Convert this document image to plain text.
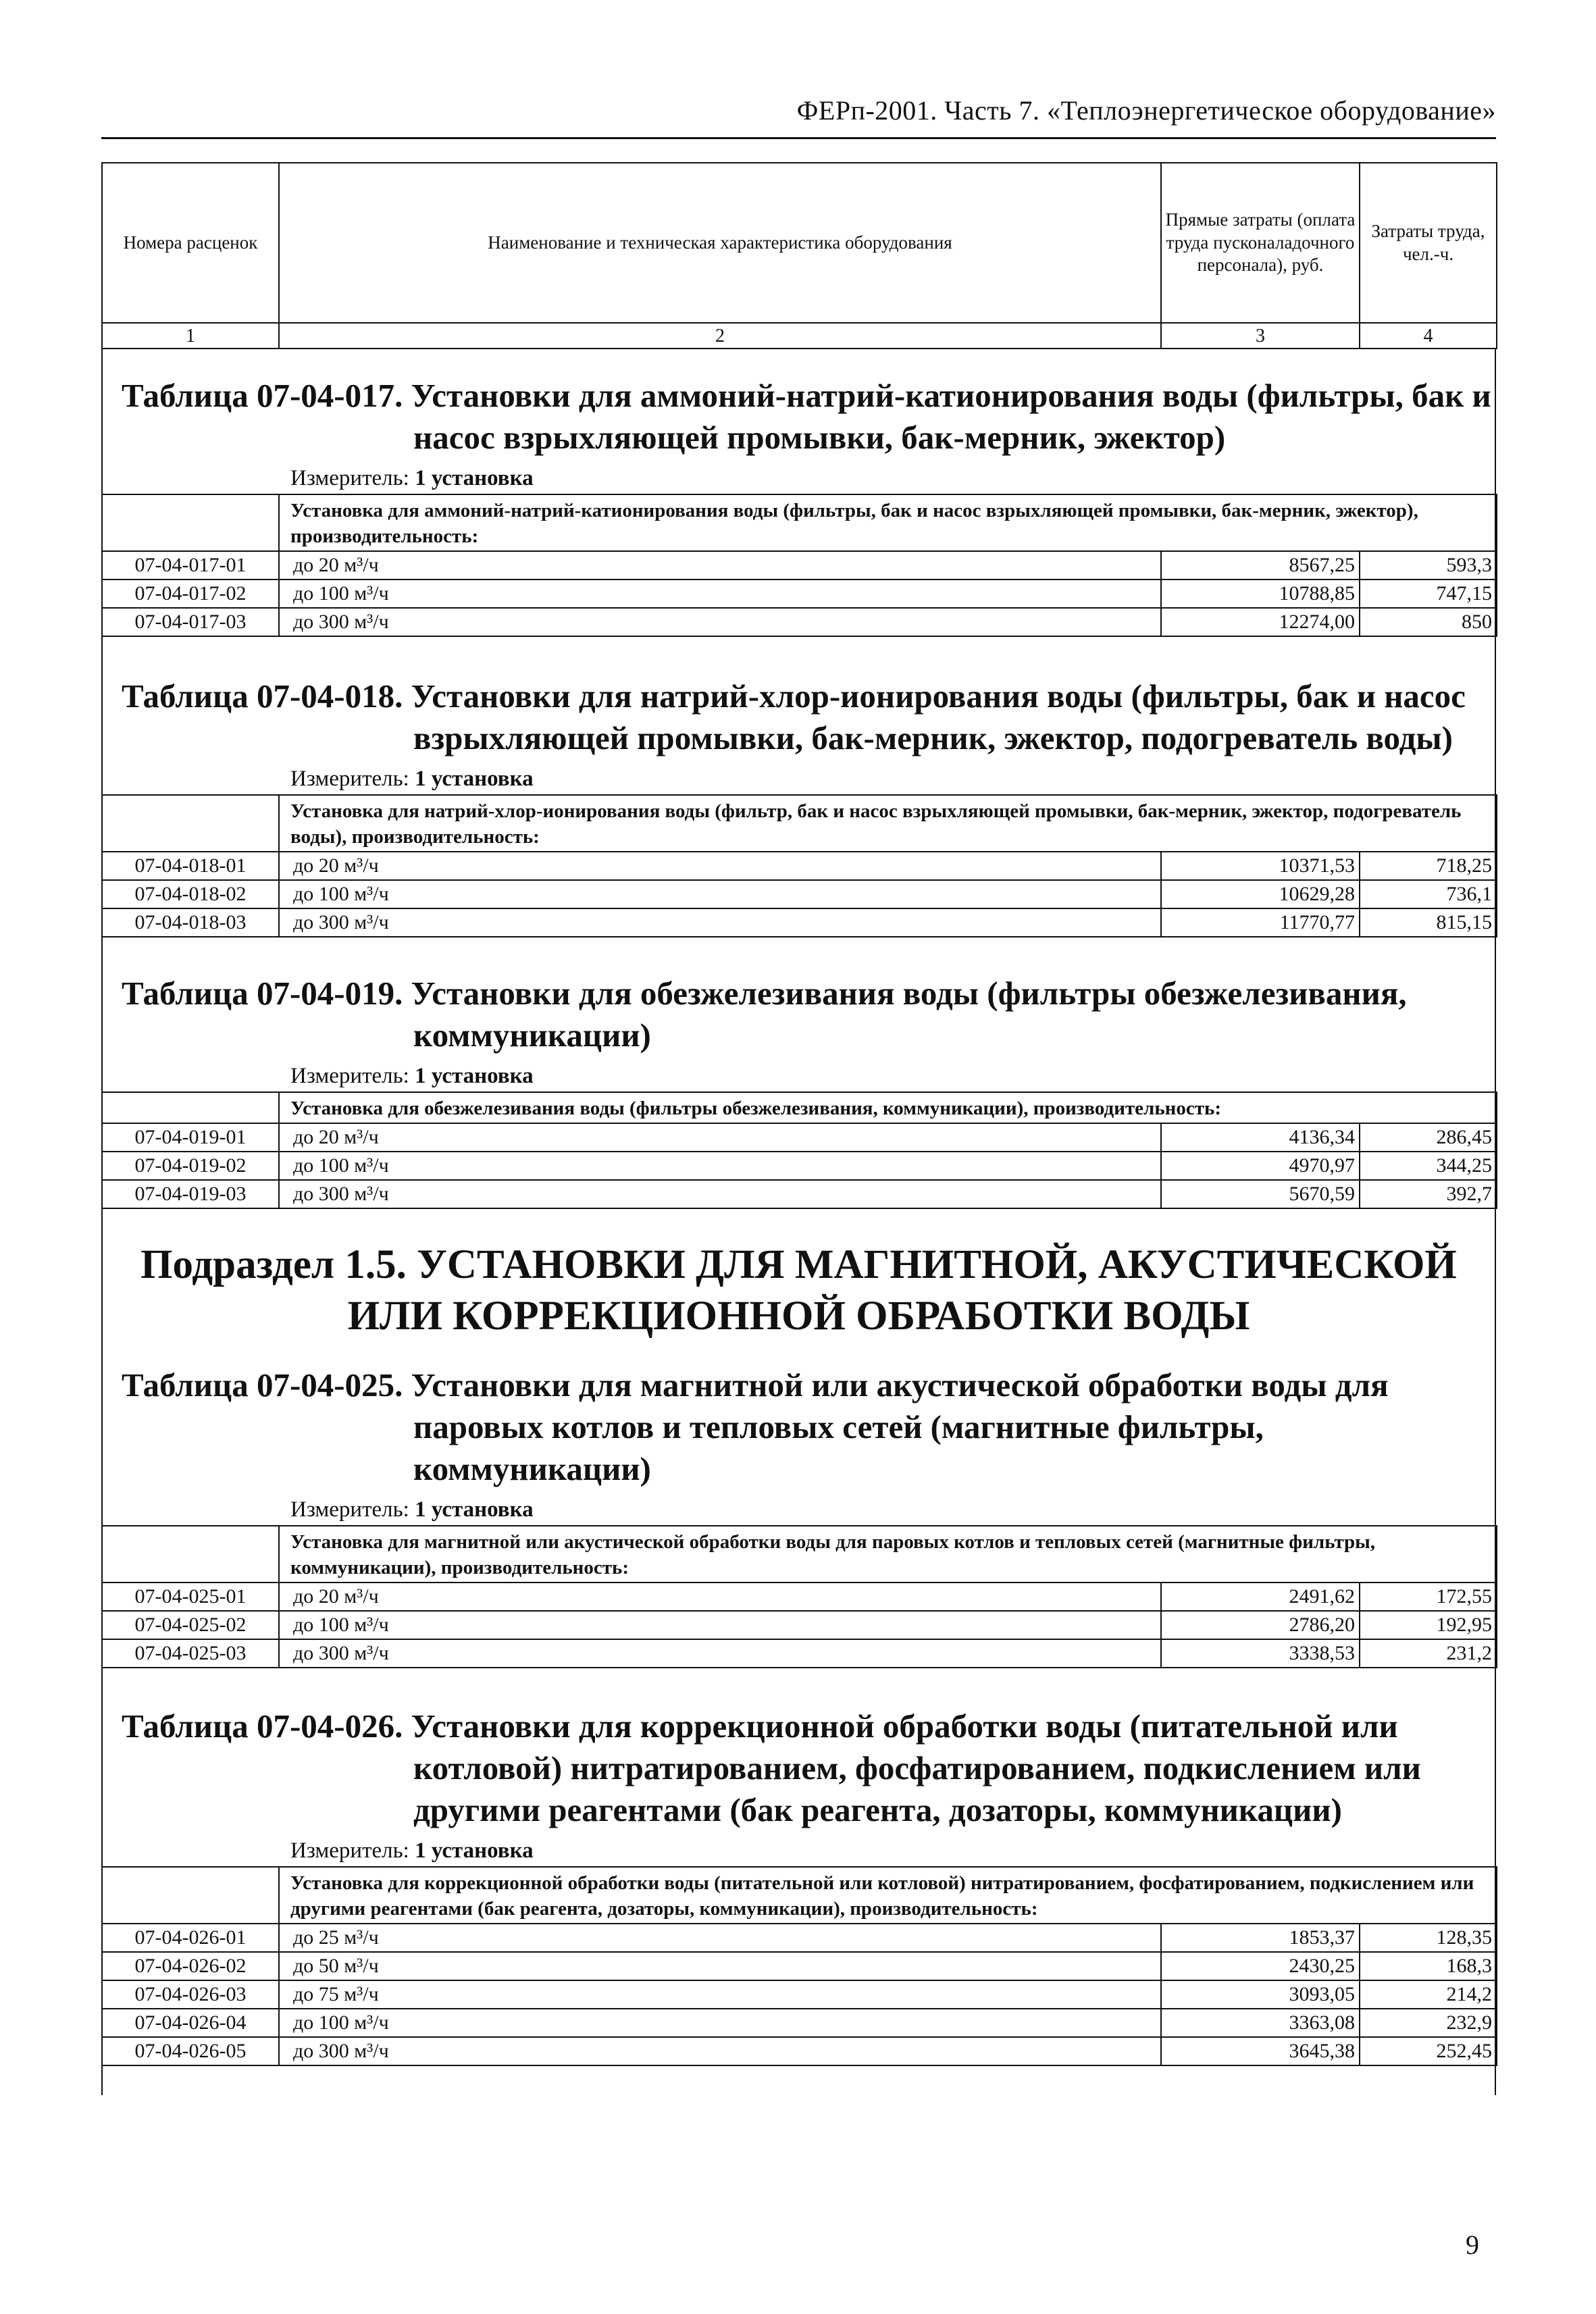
ФЕРп-2001. Часть 7. «Теплоэнергетическое оборудование»
Номера расценок	Наименование и техническая характеристика оборудования	Прямые затраты (оплата труда пусконаладочного персонала), руб.	Затраты труда, чел.-ч.
1	2	3	4
Таблица 07-04-017. Установки для аммоний-натрий-катионирования воды (фильтры, бак и насос взрыхляющей промывки, бак-мерник, эжектор)
Измеритель: 1 установка
	Установка для аммоний-натрий-катионирования воды (фильтры, бак и насос взрыхляющей промывки, бак-мерник, эжектор), производительность:		
07-04-017-01	до 20 м³/ч	8567,25	593,3
07-04-017-02	до 100 м³/ч	10788,85	747,15
07-04-017-03	до 300 м³/ч	12274,00	850
Таблица 07-04-018. Установки для натрий-хлор-ионирования воды (фильтры, бак и насос взрыхляющей промывки, бак-мерник, эжектор, подогреватель воды)
Измеритель: 1 установка
	Установка для натрий-хлор-ионирования воды (фильтр, бак и насос взрыхляющей промывки, бак-мерник, эжектор, подогреватель воды), производительность:		
07-04-018-01	до 20 м³/ч	10371,53	718,25
07-04-018-02	до 100 м³/ч	10629,28	736,1
07-04-018-03	до 300 м³/ч	11770,77	815,15
Таблица 07-04-019. Установки для обезжелезивания воды (фильтры обезжелезивания, коммуникации)
Измеритель: 1 установка
	Установка для обезжелезивания воды (фильтры обезжелезивания, коммуникации), производительность:		
07-04-019-01	до 20 м³/ч	4136,34	286,45
07-04-019-02	до 100 м³/ч	4970,97	344,25
07-04-019-03	до 300 м³/ч	5670,59	392,7
Подраздел 1.5. УСТАНОВКИ ДЛЯ МАГНИТНОЙ, АКУСТИЧЕСКОЙ ИЛИ КОРРЕКЦИОННОЙ ОБРАБОТКИ ВОДЫ
Таблица 07-04-025. Установки для магнитной или акустической обработки воды для паровых котлов и тепловых сетей (магнитные фильтры, коммуникации)
Измеритель: 1 установка
	Установка для магнитной или акустической обработки воды для паровых котлов и тепловых сетей (магнитные фильтры, коммуникации), производительность:		
07-04-025-01	до 20 м³/ч	2491,62	172,55
07-04-025-02	до 100 м³/ч	2786,20	192,95
07-04-025-03	до 300 м³/ч	3338,53	231,2
Таблица 07-04-026. Установки для коррекционной обработки воды (питательной или котловой) нитратированием, фосфатированием, подкислением или другими реагентами (бак реагента, дозаторы, коммуникации)
Измеритель: 1 установка
	Установка для коррекционной обработки воды (питательной или котловой) нитратированием, фосфатированием, подкислением или другими реагентами (бак реагента, дозаторы, коммуникации), производительность:		
07-04-026-01	до 25 м³/ч	1853,37	128,35
07-04-026-02	до 50 м³/ч	2430,25	168,3
07-04-026-03	до 75 м³/ч	3093,05	214,2
07-04-026-04	до 100 м³/ч	3363,08	232,9
07-04-026-05	до 300 м³/ч	3645,38	252,45
9
